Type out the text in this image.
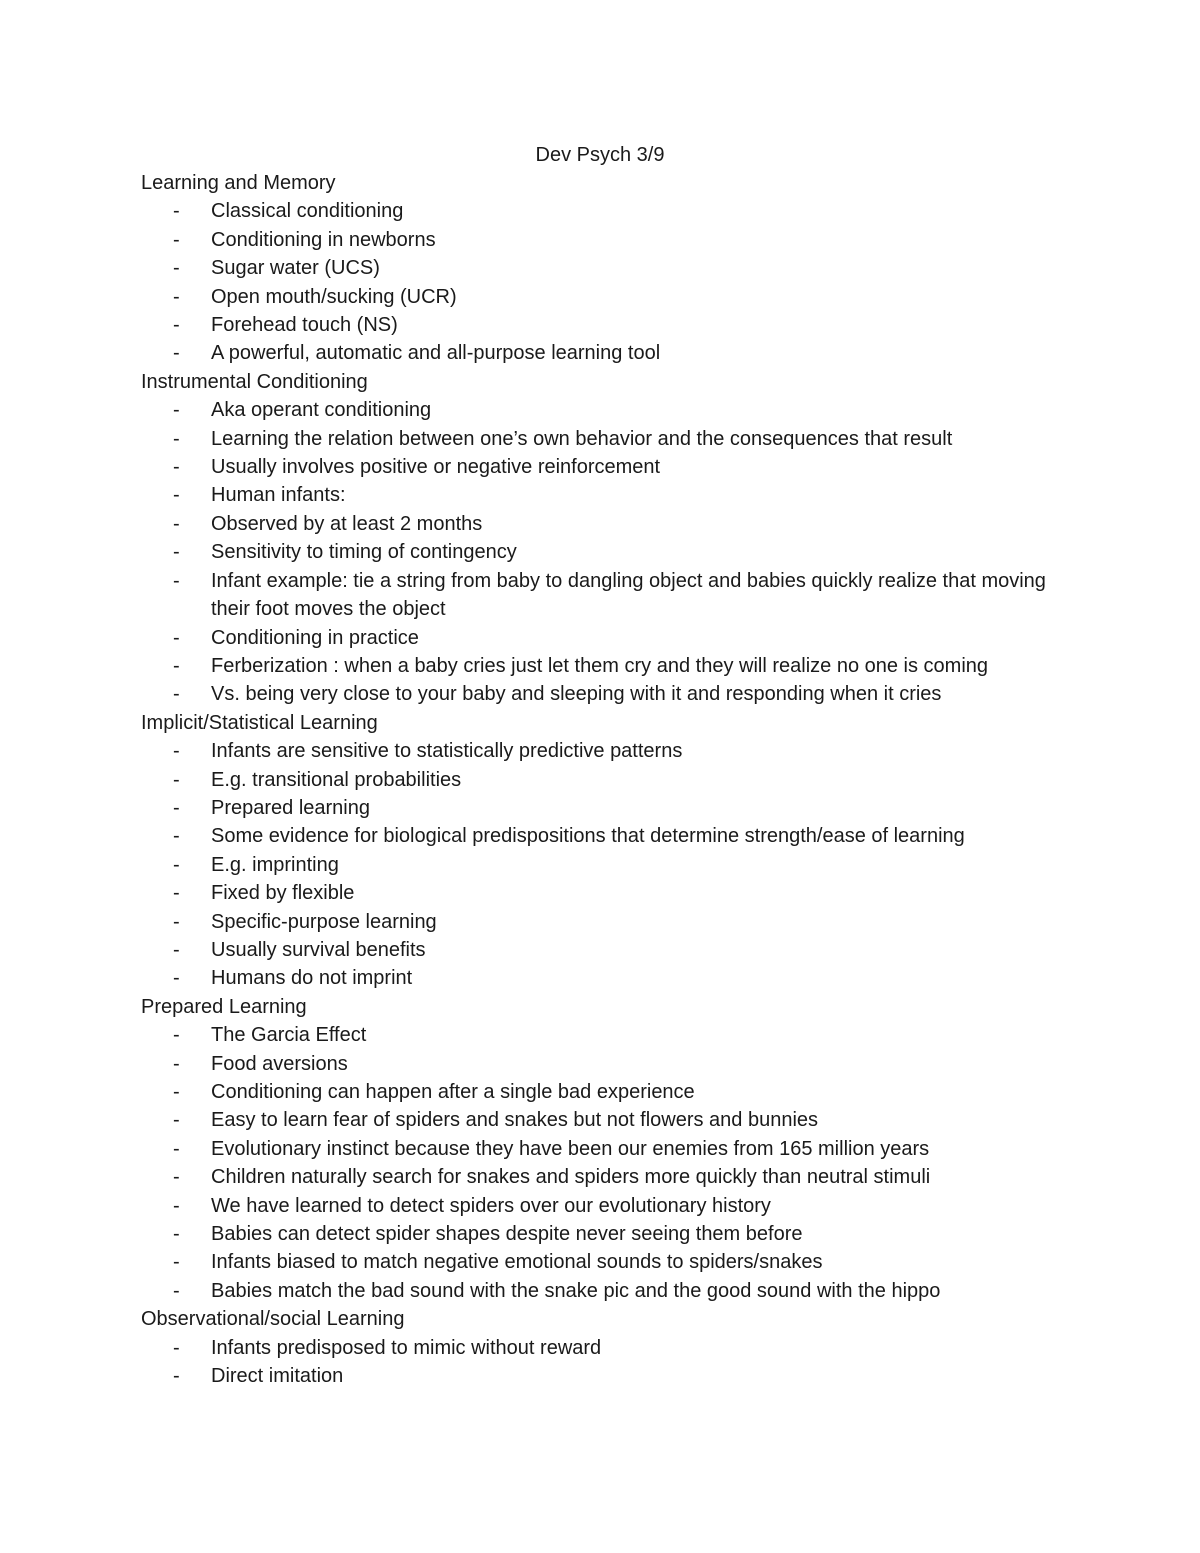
Dev Psych 3/9
Learning and Memory
- Classical conditioning
- Conditioning in newborns
- Sugar water (UCS)
- Open mouth/sucking (UCR)
- Forehead touch (NS)
- A powerful, automatic and all-purpose learning tool
Instrumental Conditioning
- Aka operant conditioning
- Learning the relation between one’s own behavior and the consequences that result
- Usually involves positive or negative reinforcement
- Human infants:
- Observed by at least 2 months
- Sensitivity to timing of contingency
- Infant example: tie a string from baby to dangling object and babies quickly realize that moving their foot moves the object
- Conditioning in practice
- Ferberization : when a baby cries just let them cry and they will realize no one is coming
- Vs. being very close to your baby and sleeping with it and responding when it cries
Implicit/Statistical Learning
- Infants are sensitive to statistically predictive patterns
- E.g. transitional probabilities
- Prepared learning
- Some evidence for biological predispositions that determine strength/ease of learning
- E.g. imprinting
- Fixed by flexible
- Specific-purpose learning
- Usually survival benefits
- Humans do not imprint
Prepared Learning
- The Garcia Effect
- Food aversions
- Conditioning can happen after a single bad experience
- Easy to learn fear of spiders and snakes but not flowers and bunnies
- Evolutionary instinct because they have been our enemies from 165 million years
- Children naturally search for snakes and spiders more quickly than neutral stimuli
- We have learned to detect spiders over our evolutionary history
- Babies can detect spider shapes despite never seeing them before
- Infants biased to match negative emotional sounds to spiders/snakes
- Babies match the bad sound with the snake pic and the good sound with the hippo
Observational/social Learning
- Infants predisposed to mimic without reward
- Direct imitation
